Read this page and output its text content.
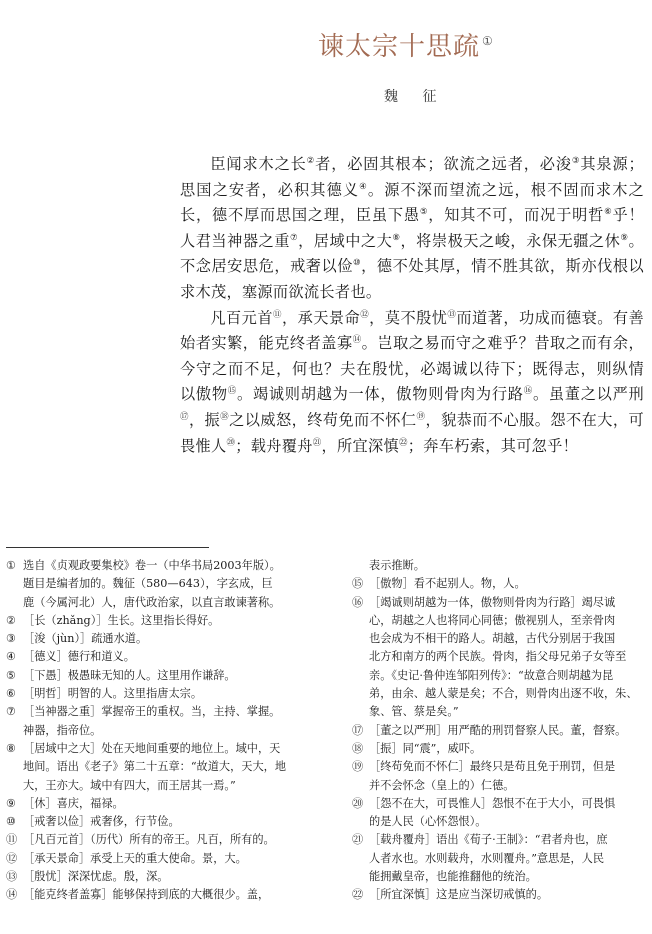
谏太宗十思疏 ①
魏 征

臣闻求木之长②者，必固其根本；欲流之远者，必浚③其泉源；思国之安者，必积其德义④。源不深而望流之远，根不固而求木之长，德不厚而思国之理，臣虽下愚⑤，知其不可，而况于明哲⑥乎！人君当神器之重⑦，居域中之大⑧，将崇极天之峻，永保无疆之休⑨。不念居安思危，戒奢以俭⑩，德不处其厚，情不胜其欲，斯亦伐根以求木茂，塞源而欲流长者也。

凡百元首⑪，承天景命⑫，莫不殷忧⑬而道著，功成而德衰。有善始者实繁，能克终者盖寡⑭。岂取之易而守之难乎？昔取之而有余，今守之而不足，何也？夫在殷忧，必竭诚以待下；既得志，则纵情以傲物⑮。竭诚则胡越为一体，傲物则骨肉为行路⑯。虽董之以严刑⑰，振⑱之以威怒，终苟免而不怀仁⑲，貌恭而不心服。怨不在大，可畏惟人⑳；载舟覆舟$^㉑$，所宜深慎$^㉒$；奔车朽索，其可忽乎！

① 选自《贞观政要集校》卷一（中华书局2003年版）。
题目是编者加的。魏征（580—643），字玄成，巨
鹿（今属河北）人，唐代政治家，以直言敢谏著称。
② ［长（zhǎng）］生长。这里指长得好。
③ ［浚（jùn）］疏通水道。
④ ［德义］德行和道义。
⑤ ［下愚］极愚昧无知的人。这里用作谦辞。
⑥ ［明哲］明智的人。这里指唐太宗。
⑦ ［当神器之重］掌握帝王的重权。当，主持、掌握。
神器，指帝位。
⑧ ［居域中之大］处在天地间重要的地位上。域中，天
地间。语出《老子》第二十五章：“故道大，天大，地
大，王亦大。域中有四大，而王居其一焉。”
⑨ ［休］喜庆，福禄。
⑩ ［戒奢以俭］戒奢侈，行节俭。
⑪ ［凡百元首］（历代）所有的帝王。凡百，所有的。
⑫ ［承天景命］承受上天的重大使命。景，大。
⑬ ［殷忧］深深忧虑。殷，深。
⑭ ［能克终者盖寡］能够保持到底的大概很少。盖，
表示推断。
⑮ ［傲物］看不起别人。物，人。
⑯ ［竭诚则胡越为一体，傲物则骨肉为行路］竭尽诚
心，胡越之人也将同心同德；傲视别人，至亲骨肉
也会成为不相干的路人。胡越，古代分别居于我国
北方和南方的两个民族。骨肉，指父母兄弟子女等至
亲。《史记·鲁仲连邹阳列传》：“故意合则胡越为昆
弟，由余、越人蒙是矣；不合，则骨肉出逐不收，朱、
象、管、蔡是矣。”
⑰ ［董之以严刑］用严酷的刑罚督察人民。董，督察。
⑱ ［振］同“震”，威吓。
⑲ ［终苟免而不怀仁］最终只是苟且免于刑罚，但是
并不会怀念（皇上的）仁德。
⑳ ［怨不在大，可畏惟人］怨恨不在于大小，可畏惧
的是人民（心怀怨恨）。
㉑ ［载舟覆舟］语出《荀子·王制》：“君者舟也，庶
人者水也。水则载舟，水则覆舟。”意思是，人民
能拥戴皇帝，也能推翻他的统治。
㉒ ［所宜深慎］这是应当深切戒慎的。
